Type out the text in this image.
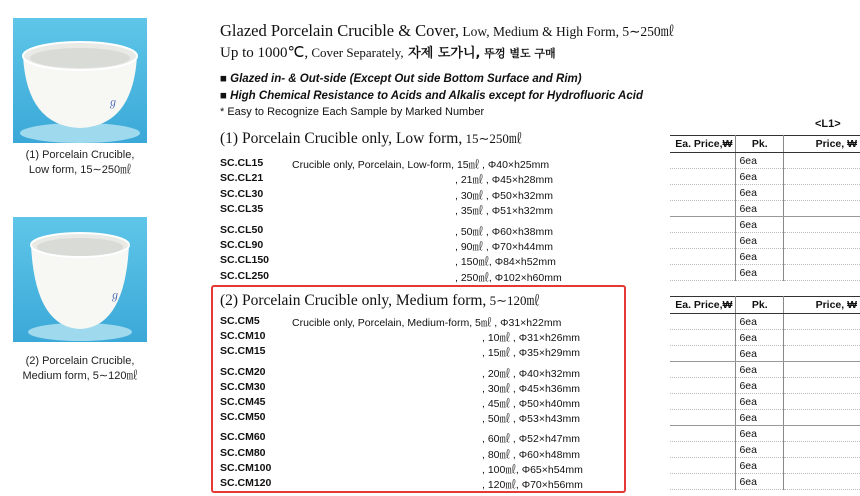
ℊ
(1) Porcelain Crucible,
Low form, 15∼250㎖
ℊ
(2) Porcelain Crucible,
Medium form, 5∼120㎖
Glazed Porcelain Crucible & Cover, Low, Medium & High Form, 5∼250㎖
Up to 1000℃, Cover Separately, 자제 도가니, 뚜껑 별도 구매
■ Glazed in- & Out-side (Except Out side Bottom Surface and Rim)
■ High Chemical Resistance to Acids and Alkalis except for Hydrofluoric Acid
* Easy to Recognize Each Sample by Marked Number
<L1>
(1) Porcelain Crucible only, Low form, 15∼250㎖
SC.CL15	Crucible only, Porcelain, Low-form, 15㎖ , Φ40×h25mm
SC.CL21	, 21㎖ , Φ45×h28mm
SC.CL30	, 30㎖ , Φ50×h32mm
SC.CL35	, 35㎖ , Φ51×h32mm
SC.CL50	, 50㎖ , Φ60×h38mm
SC.CL90	, 90㎖ , Φ70×h44mm
SC.CL150	, 150㎖, Φ84×h52mm
SC.CL250	, 250㎖, Φ102×h60mm
(2) Porcelain Crucible only, Medium form, 5∼120㎖
SC.CM5	Crucible only, Porcelain, Medium-form, 5㎖ , Φ31×h22mm
SC.CM10	, 10㎖ , Φ31×h26mm
SC.CM15	, 15㎖ , Φ35×h29mm
SC.CM20	, 20㎖ , Φ40×h32mm
SC.CM30	, 30㎖ , Φ45×h36mm
SC.CM45	, 45㎖ , Φ50×h40mm
SC.CM50	, 50㎖ , Φ53×h43mm
SC.CM60	, 60㎖ , Φ52×h47mm
SC.CM80	, 80㎖ , Φ60×h48mm
SC.CM100	, 100㎖, Φ65×h54mm
SC.CM120	, 120㎖, Φ70×h56mm
Ea. Price,₩	Pk.	Price, ₩
	6ea	
	6ea	
	6ea	
	6ea	
	6ea	
	6ea	
	6ea	
	6ea	
Ea. Price,₩	Pk.	Price, ₩
	6ea	
	6ea	
	6ea	
	6ea	
	6ea	
	6ea	
	6ea	
	6ea	
	6ea	
	6ea	
	6ea	
